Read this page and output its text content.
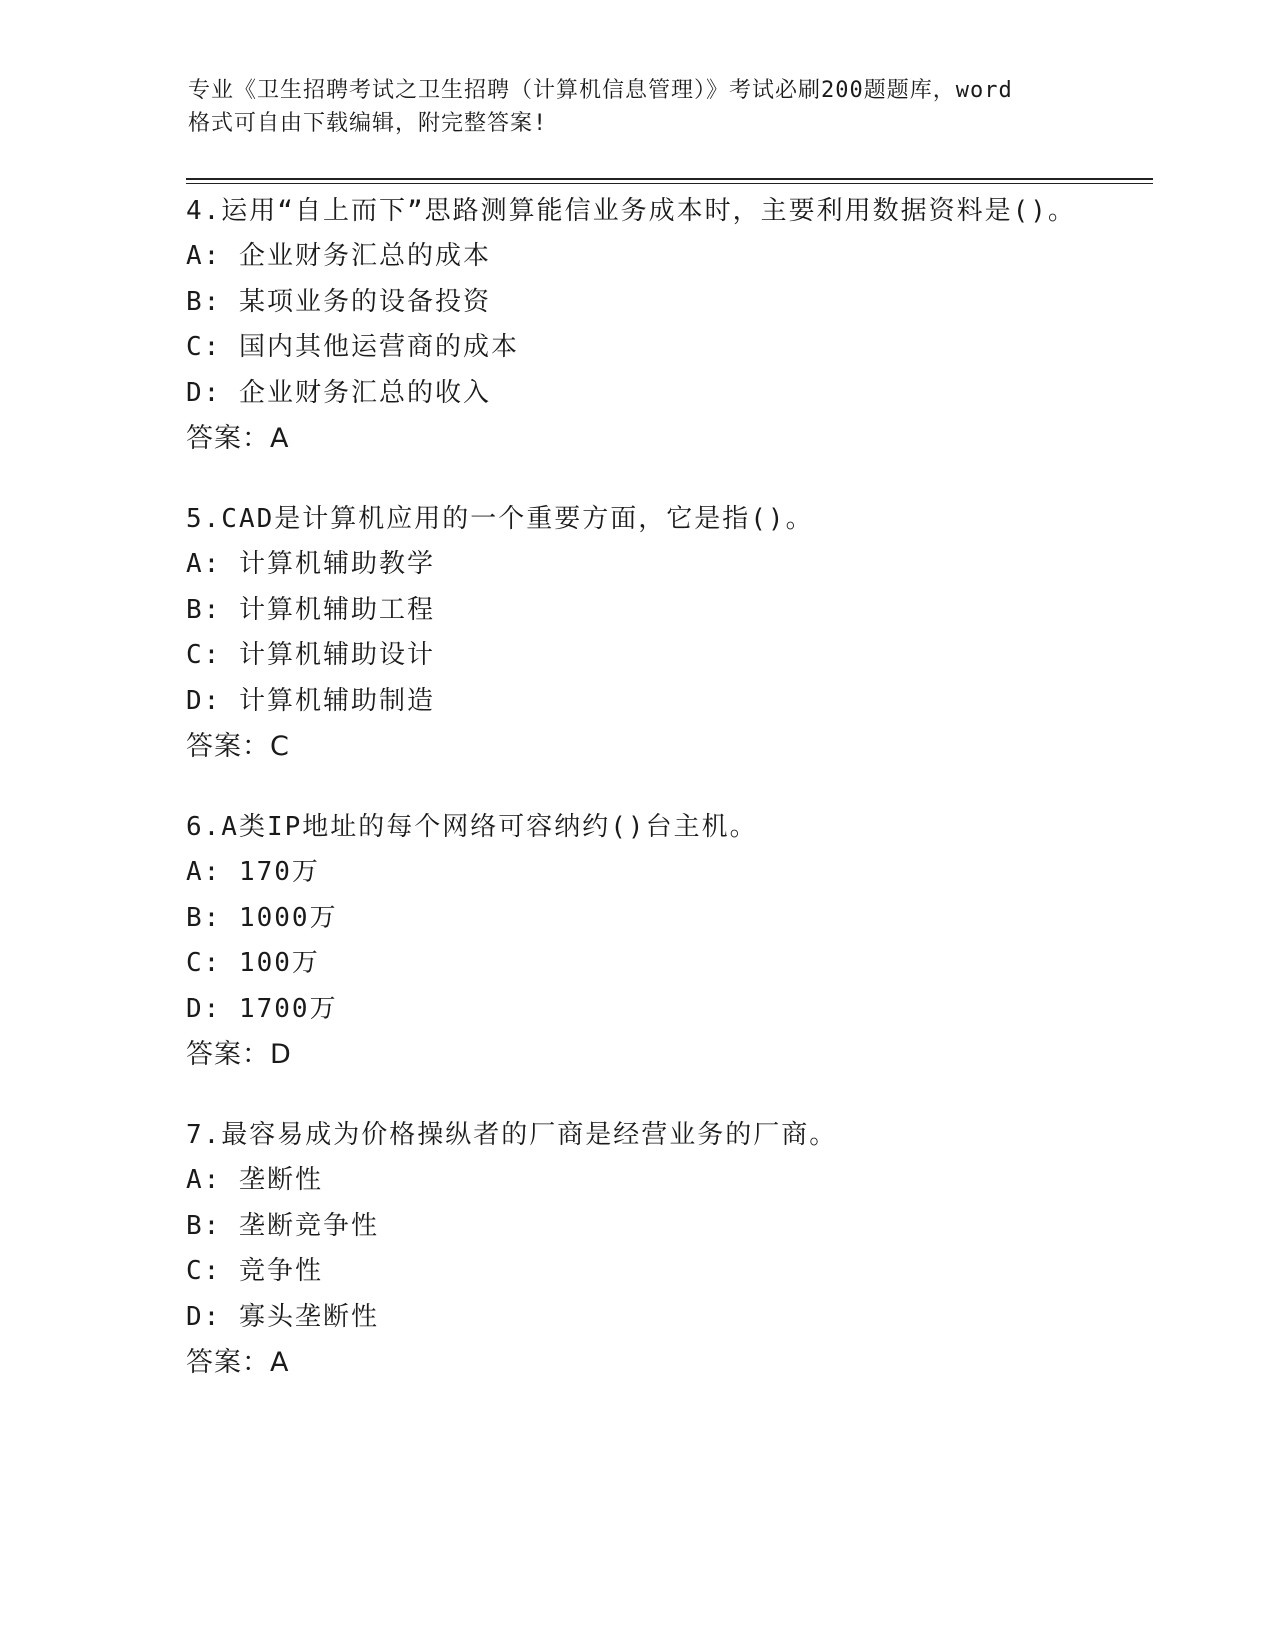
专业《卫生招聘考试之卫生招聘（计算机信息管理）》考试必刷200题题库，word
格式可自由下载编辑，附完整答案!

4.运用“自上而下”思路测算能信业务成本时，主要利用数据资料是()。

A: 企业财务汇总的成本
B: 某项业务的设备投资
C: 国内其他运营商的成本
D: 企业财务汇总的收入
答案：A

5.CAD是计算机应用的一个重要方面，它是指()。

A: 计算机辅助教学
B: 计算机辅助工程
C: 计算机辅助设计
D: 计算机辅助制造
答案：C

6.A类IP地址的每个网络可容纳约()台主机。

A: 170万
B: 1000万
C: 100万
D: 1700万
答案：D

7.最容易成为价格操纵者的厂商是经营业务的厂商。

A: 垄断性
B: 垄断竞争性
C: 竞争性
D: 寡头垄断性
答案：A
